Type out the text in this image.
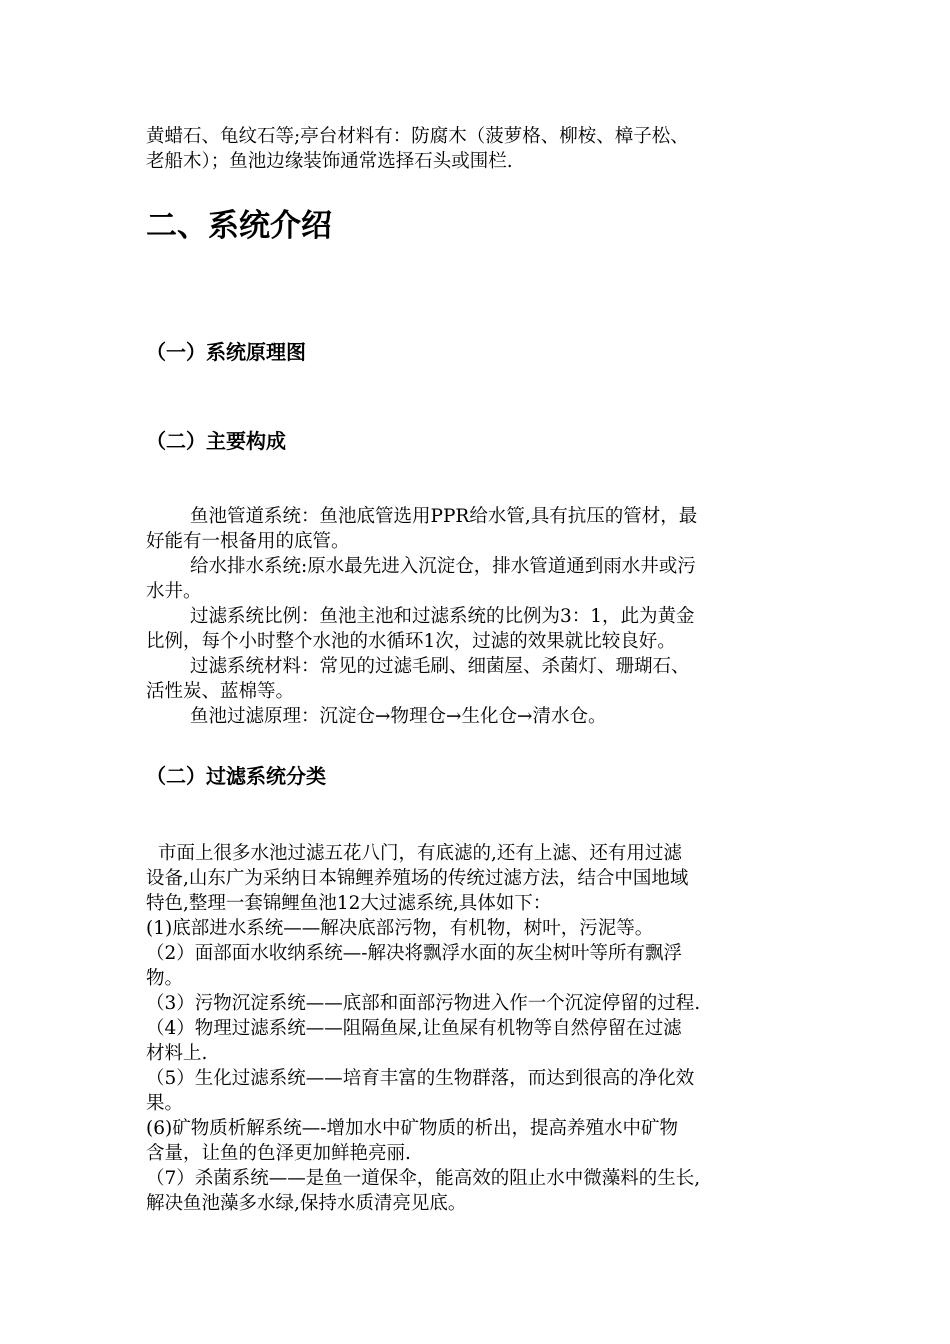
黄蜡石、龟纹石等;亭台材料有：防腐木（菠萝格、柳桉、樟子松、
老船木）；鱼池边缘装饰通常选择石头或围栏.
二、系统介绍
（一）系统原理图
（二）主要构成
鱼池管道系统：鱼池底管选用PPR给水管,具有抗压的管材，最
好能有一根备用的底管。
给水排水系统:原水最先进入沉淀仓，排水管道通到雨水井或污
水井。
过滤系统比例：鱼池主池和过滤系统的比例为3：1，此为黄金
比例，每个小时整个水池的水循环1次，过滤的效果就比较良好。
过滤系统材料：常见的过滤毛刷、细菌屋、杀菌灯、珊瑚石、
活性炭、蓝棉等。
鱼池过滤原理：沉淀仓→物理仓→生化仓→清水仓。
（二）过滤系统分类
市面上很多水池过滤五花八门，有底滤的,还有上滤、还有用过滤
设备,山东广为采纳日本锦鲤养殖场的传统过滤方法，结合中国地域
特色,整理一套锦鲤鱼池12大过滤系统,具体如下：
(1)底部进水系统——解决底部污物，有机物，树叶，污泥等。
（2）面部面水收纳系统—-解决将飘浮水面的灰尘树叶等所有飘浮
物。
（3）污物沉淀系统——底部和面部污物进入作一个沉淀停留的过程.
（4）物理过滤系统——阻隔鱼屎,让鱼屎有机物等自然停留在过滤
材料上.
（5）生化过滤系统——培育丰富的生物群落，而达到很高的净化效
果。
(6)矿物质析解系统—-增加水中矿物质的析出，提高养殖水中矿物
含量，让鱼的色泽更加鲜艳亮丽.
（7）杀菌系统——是鱼一道保伞，能高效的阻止水中微藻料的生长,
解决鱼池藻多水绿,保持水质清亮见底。
